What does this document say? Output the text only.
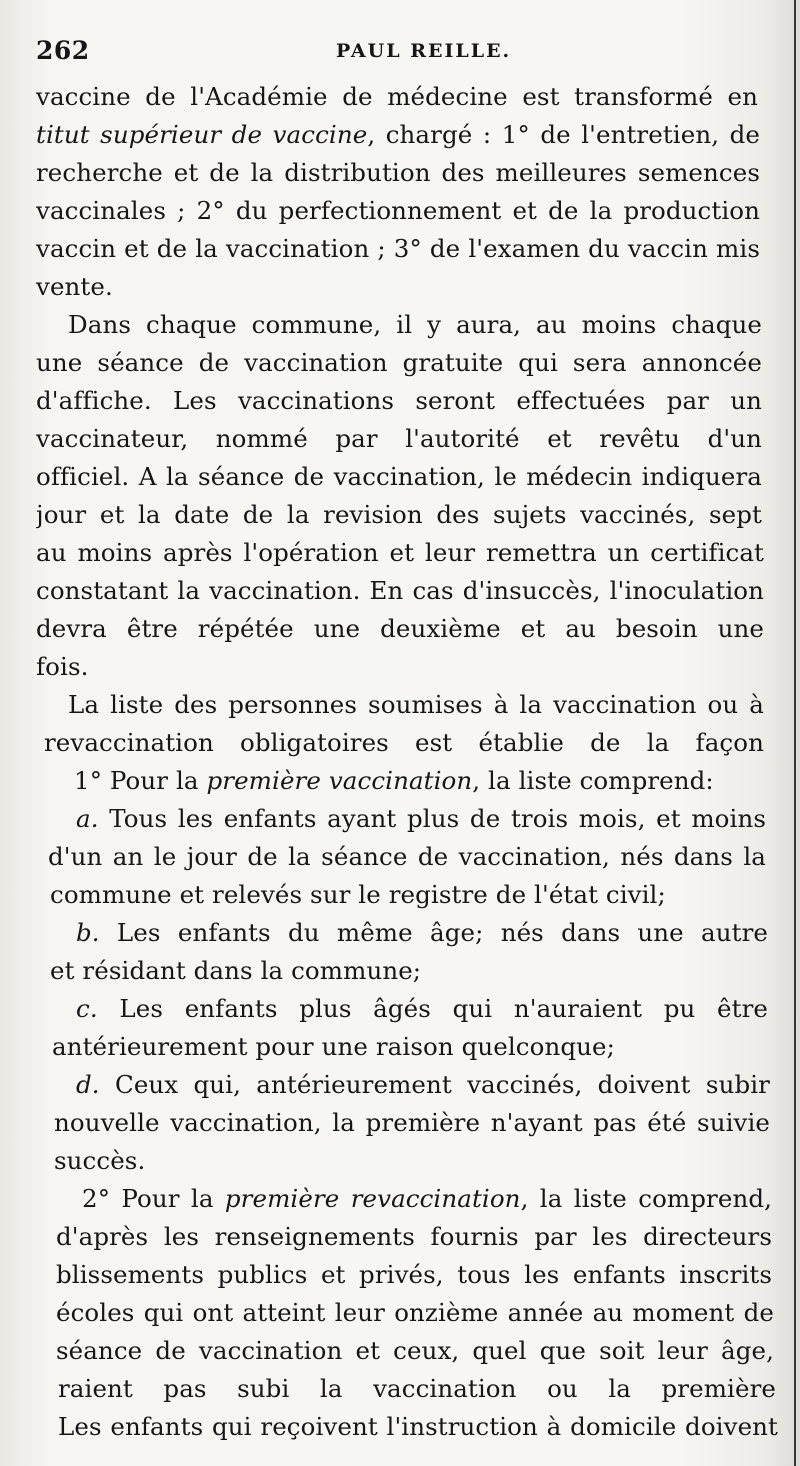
262	PAUL REILLE.
vaccine de l'Académie de médecine est transformé en
titut supérieur de vaccine, chargé : 1° de l'entretien, de
recherche et de la distribution des meilleures semences
vaccinales ; 2° du perfectionnement et de la production
vaccin et de la vaccination ; 3° de l'examen du vaccin mis
vente.
Dans chaque commune, il y aura, au moins chaque
une séance de vaccination gratuite qui sera annoncée
d'affiche. Les vaccinations seront effectuées par un
vaccinateur, nommé par l'autorité et revêtu d'un
officiel. A la séance de vaccination, le médecin indiquera
jour et la date de la revision des sujets vaccinés, sept
au moins après l'opération et leur remettra un certificat
constatant la vaccination. En cas d'insuccès, l'inoculation
devra être répétée une deuxième et au besoin une
fois.
La liste des personnes soumises à la vaccination ou à
revaccination obligatoires est établie de la façon
1° Pour la première vaccination, la liste comprend:
a. Tous les enfants ayant plus de trois mois, et moins
d'un an le jour de la séance de vaccination, nés dans la
commune et relevés sur le registre de l'état civil;
b. Les enfants du même âge; nés dans une autre
et résidant dans la commune;
c. Les enfants plus âgés qui n'auraient pu être
antérieurement pour une raison quelconque;
d. Ceux qui, antérieurement vaccinés, doivent subir
nouvelle vaccination, la première n'ayant pas été suivie
succès.
2° Pour la première revaccination, la liste comprend,
d'après les renseignements fournis par les directeurs
blissements publics et privés, tous les enfants inscrits
écoles qui ont atteint leur onzième année au moment de
séance de vaccination et ceux, quel que soit leur âge,
raient pas subi la vaccination ou la première
Les enfants qui reçoivent l'instruction à domicile doivent
